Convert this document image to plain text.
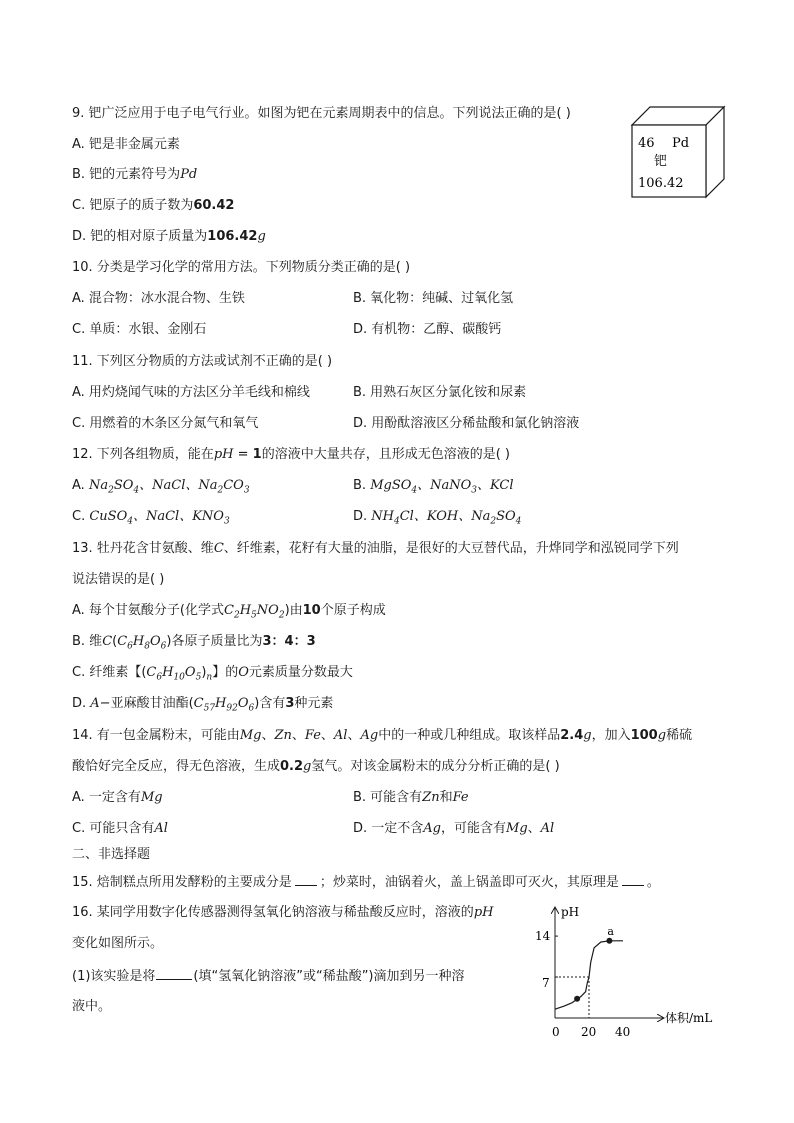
9. 钯广泛应用于电子电气行业。如图为钯在元素周期表中的信息。下列说法正确的是( )
A. 钯是非金属元素
B. 钯的元素符号为Pd
C. 钯原子的质子数为60.42
D. 钯的相对原子质量为106.42g
46 Pd
钯
106.42
10. 分类是学习化学的常用方法。下列物质分类正确的是( )
A. 混合物：冰水混合物、生铁	B. 氧化物：纯碱、过氧化氢
C. 单质：水银、金刚石	D. 有机物：乙醇、碳酸钙
11. 下列区分物质的方法或试剂不正确的是( )
A. 用灼烧闻气味的方法区分羊毛线和棉线	B. 用熟石灰区分氯化铵和尿素
C. 用燃着的木条区分氮气和氧气	D. 用酚酞溶液区分稀盐酸和氯化钠溶液
12. 下列各组物质，能在pH = 1的溶液中大量共存，且形成无色溶液的是( )
A. $Na_2SO_4$、NaCl、$Na_2CO_3$	B. MgSO$_4$、NaNO$_3$、KCl
C. CuSO$_4$、NaCl、$KNO_3$	D. $NH_4Cl$、KOH、$Na_2SO_4$
13. 牡丹花含甘氨酸、维C、纤维素，花籽有大量的油脂，是很好的大豆替代品，升烨同学和泓锐同学下列
说法错误的是( )
A. 每个甘氨酸分子(化学式$C_2H_5NO_2$)由10个原子构成
B. 维$C(C_6H_8O_6)$各原子质量比为3：4：3
C. 纤维素【$(C_6H_{10}O_5)_n$】的O元素质量分数最大
D. A−亚麻酸甘油酯$(C_{57}H_{92}O_6)$含有3种元素
14. 有一包金属粉末，可能由Mg、Zn、Fe、Al、Ag中的一种或几种组成。取该样品2.4g，加入100g稀硫
酸恰好完全反应，得无色溶液，生成0.2g氢气。对该金属粉末的成分分析正确的是( )
A. 一定含有Mg	B. 可能含有Zn和Fe
C. 可能只含有Al	D. 一定不含Ag，可能含有Mg、Al
二、非选择题
15. 焙制糕点所用发酵粉的主要成分是 ；炒菜时，油锅着火，盖上锅盖即可灭火，其原理是 。
16. 某同学用数字化传感器测得氢氧化钠溶液与稀盐酸反应时，溶液的pH
变化如图所示。
(1)该实验是将	(填“氢氧化钠溶液”或“稀盐酸”)滴加到另一种溶
液中。
pH
体积/mL
0 20 40
7
14	a
